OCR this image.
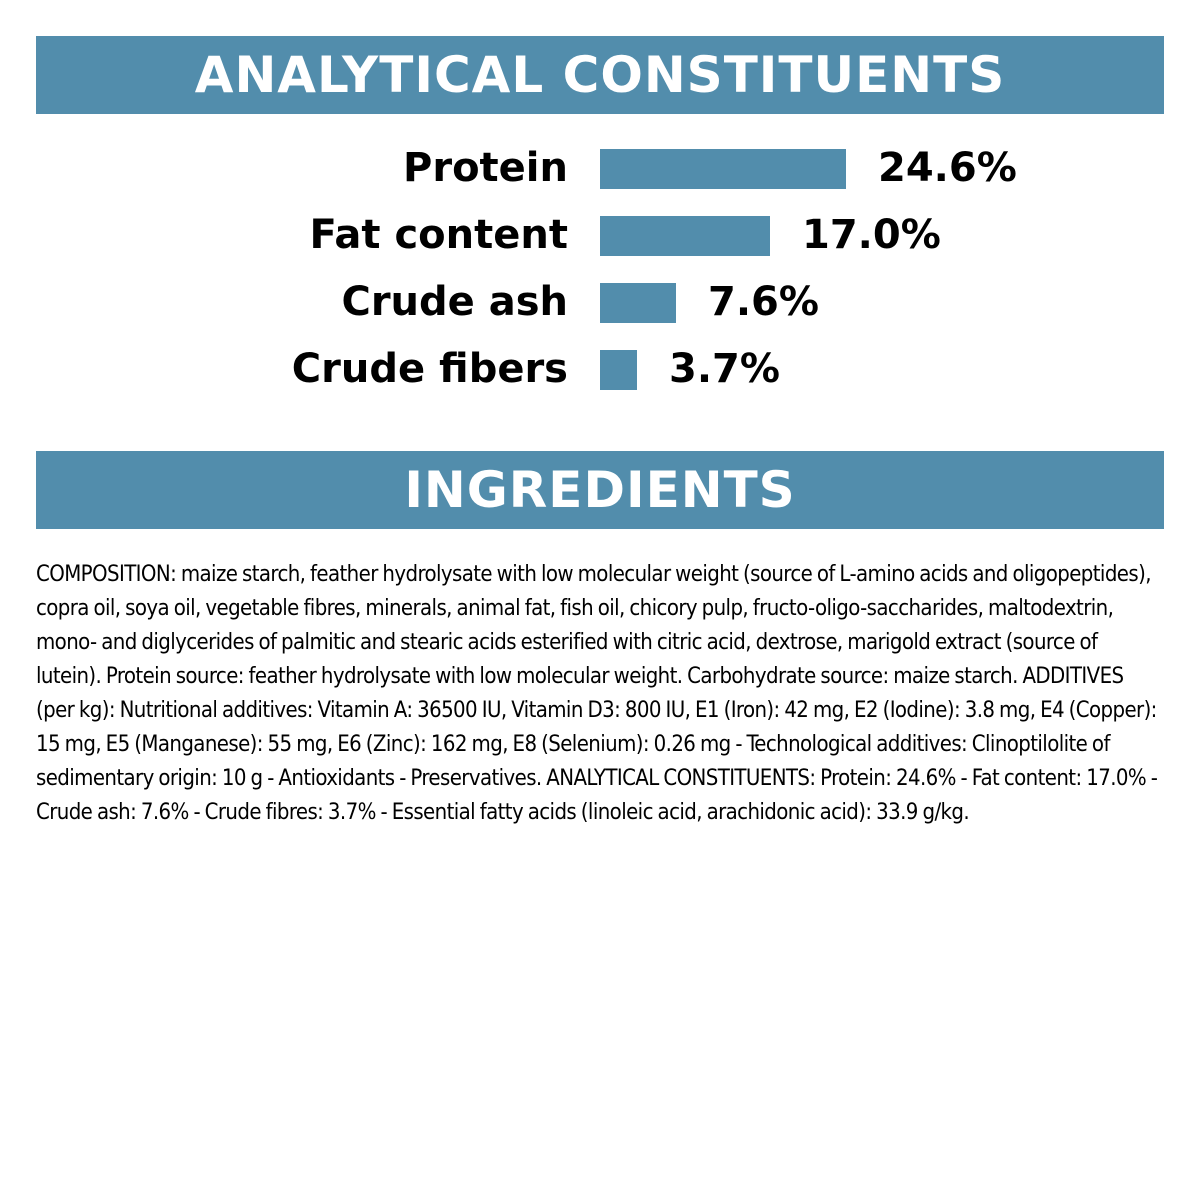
ANALYTICAL CONSTITUENTS
Protein	24.6%
Fat content	17.0%
Crude ash	7.6%
Crude fibers	3.7%
INGREDIENTS

COMPOSITION: maize starch, feather hydrolysate with low molecular weight (source of L-amino acids and oligopeptides), copra oil, soya oil, vegetable fibres, minerals, animal fat, fish oil, chicory pulp, fructo-oligo-saccharides, maltodextrin, mono- and diglycerides of palmitic and stearic acids esterified with citric acid, dextrose, marigold extract (source of lutein). Protein source: feather hydrolysate with low molecular weight. Carbohydrate source: maize starch. ADDITIVES (per kg): Nutritional additives: Vitamin A: 36500 IU, Vitamin D3: 800 IU, E1 (Iron): 42 mg, E2 (Iodine): 3.8 mg, E4 (Copper): 15 mg, E5 (Manganese): 55 mg, E6 (Zinc): 162 mg, E8 (Selenium): 0.26 mg - Technological additives: Clinoptilolite of sedimentary origin: 10 g - Antioxidants - Preservatives. ANALYTICAL CONSTITUENTS: Protein: 24.6% - Fat content: 17.0% - Crude ash: 7.6% - Crude fibres: 3.7% - Essential fatty acids (linoleic acid, arachidonic acid): 33.9 g/kg.
